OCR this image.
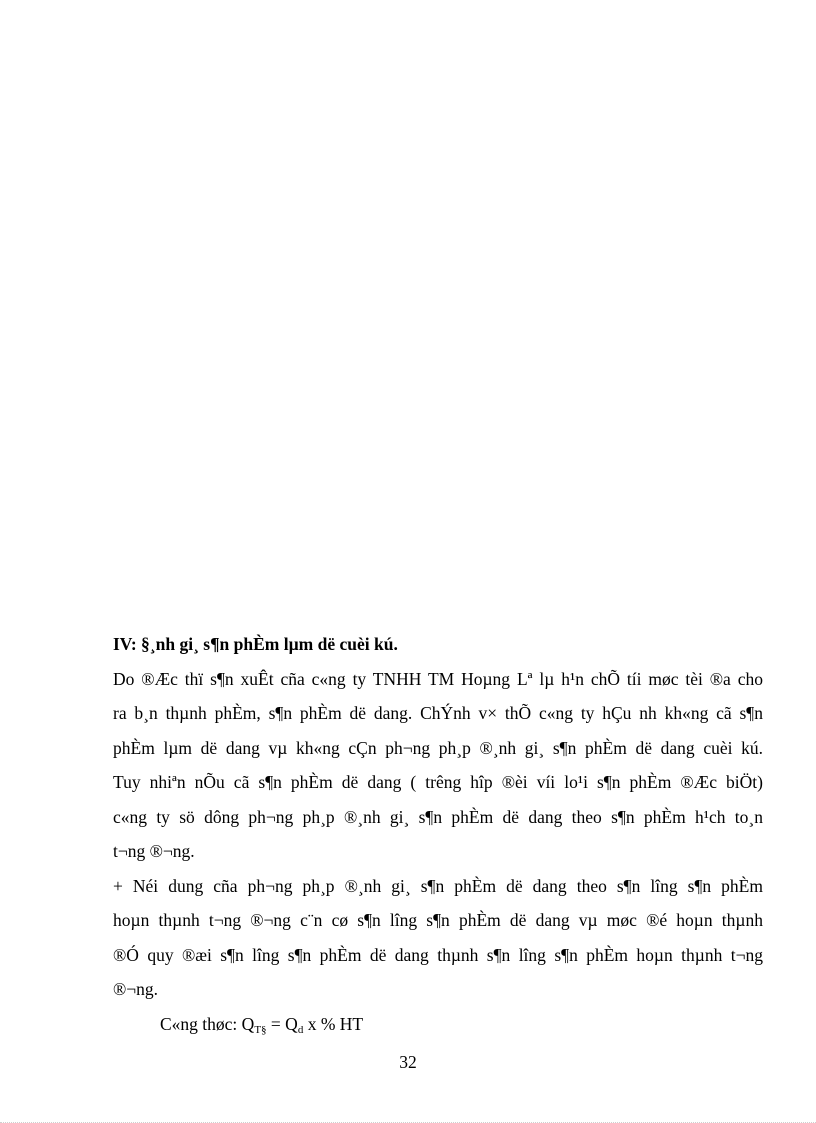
IV: §¸nh gi¸ s¶n phÈm lµm dë cuèi kú.

Do ®Æc thï s¶n xuÊt cña c«ng ty TNHH TM Hoµng Lª lµ h¹n chÕ tíi møc tèi ®a cho
ra b¸n thµnh phÈm, s¶n phÈm dë dang. ChÝnh v× thÕ c«ng ty hÇu nh kh«ng cã s¶n
phÈm lµm dë dang vµ kh«ng cÇn ph¬ng ph¸p ®¸nh gi¸ s¶n phÈm dë dang cuèi kú.
Tuy nhiªn nÕu cã s¶n phÈm dë dang ( trêng hîp ®èi víi lo¹i s¶n phÈm ®Æc biÖt)
c«ng ty sö dông ph¬ng ph¸p ®¸nh gi¸ s¶n phÈm dë dang theo s¶n phÈm h¹ch to¸n
t¬ng ®¬ng.

+ Néi dung cña ph¬ng ph¸p ®¸nh gi¸ s¶n phÈm dë dang theo s¶n lîng s¶n phÈm
hoµn thµnh t¬ng ®¬ng c¨n cø s¶n lîng s¶n phÈm dë dang vµ møc ®é hoµn thµnh
®Ó quy ®æi s¶n lîng s¶n phÈm dë dang thµnh s¶n lîng s¶n phÈm hoµn thµnh t¬ng
®¬ng.

C«ng thøc: $Q_{T\S} = Q_d$ x % HT

32
